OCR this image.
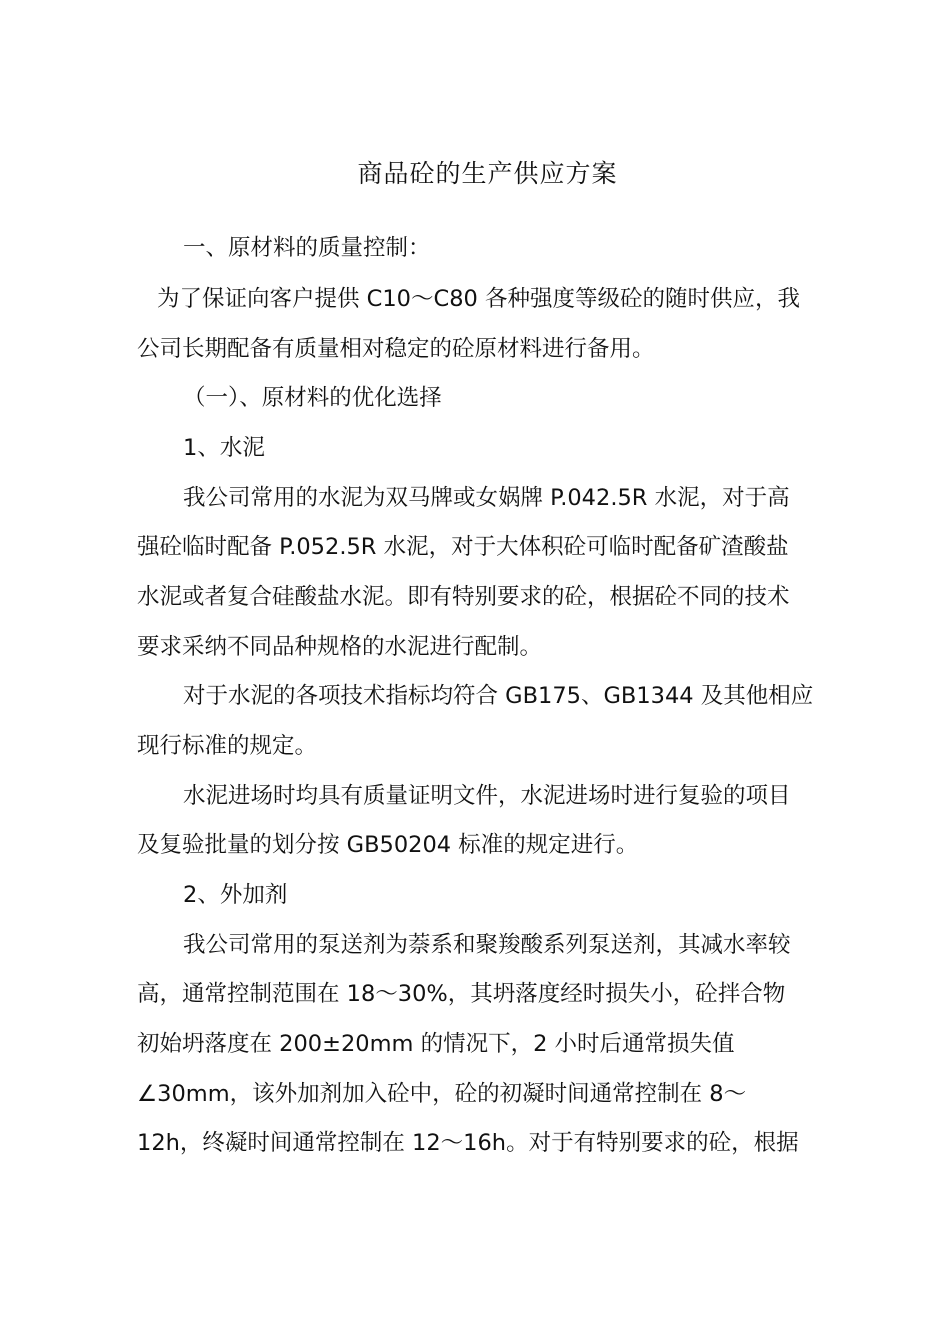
商品砼的生产供应方案

一、原材料的质量控制：

为了保证向客户提供 C10～C80 各种强度等级砼的随时供应，我

公司长期配备有质量相对稳定的砼原材料进行备用。

（一）、原材料的优化选择

1、水泥

我公司常用的水泥为双马牌或女娲牌 P.042.5R 水泥，对于高

强砼临时配备 P.052.5R 水泥，对于大体积砼可临时配备矿渣酸盐

水泥或者复合硅酸盐水泥。即有特别要求的砼，根据砼不同的技术

要求采纳不同品种规格的水泥进行配制。

对于水泥的各项技术指标均符合 GB175、GB1344 及其他相应

现行标准的规定。

水泥进场时均具有质量证明文件，水泥进场时进行复验的项目

及复验批量的划分按 GB50204 标准的规定进行。

2、外加剂

我公司常用的泵送剂为萘系和聚羧酸系列泵送剂，其减水率较

高，通常控制范围在 18～30%，其坍落度经时损失小，砼拌合物

初始坍落度在 200±20mm 的情况下，2 小时后通常损失值

∠30mm，该外加剂加入砼中，砼的初凝时间通常控制在 8～

12h，终凝时间通常控制在 12～16h。对于有特别要求的砼，根据
